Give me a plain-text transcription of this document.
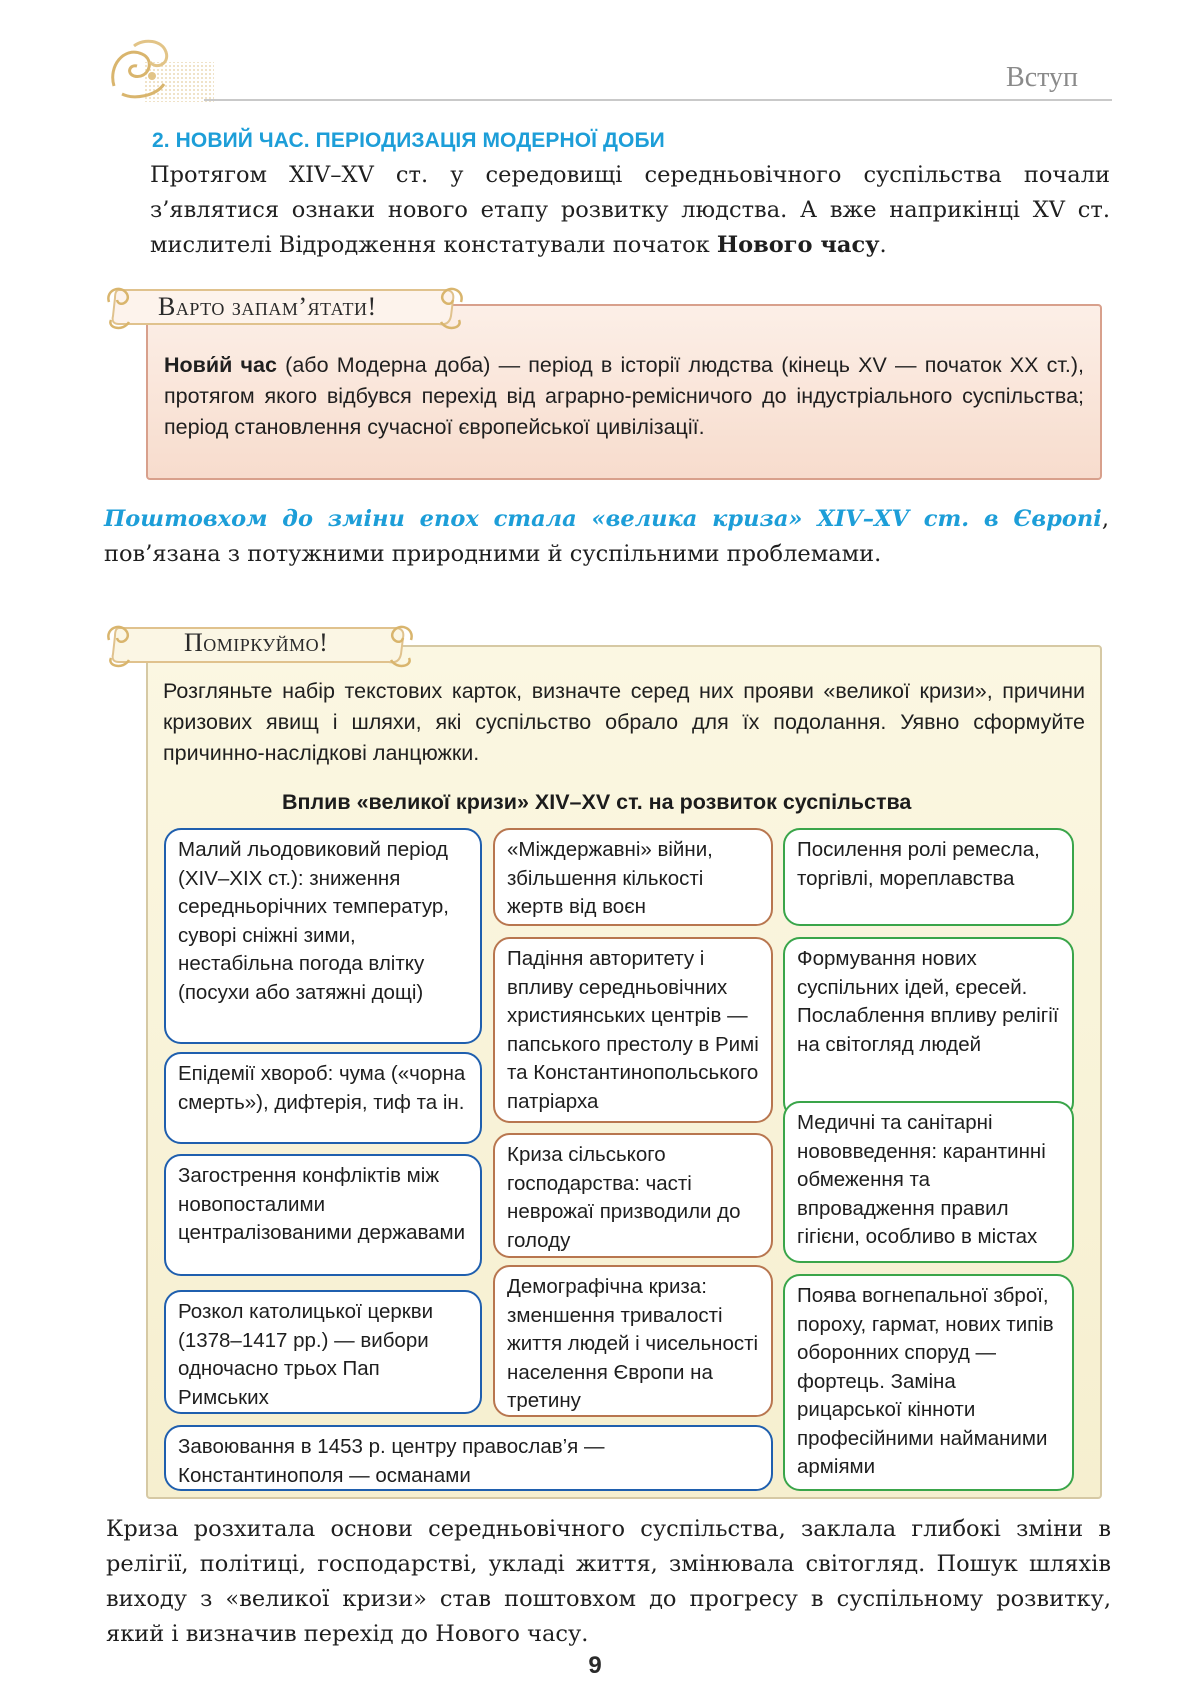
Вступ
2. НОВИЙ ЧАС. ПЕРІОДИЗАЦІЯ МОДЕРНОЇ ДОБИ
Протягом XIV–XV ст. у середовищі середньовічного суспільства почали з’являтися ознаки нового етапу розвитку людства. А вже наприкінці XV ст. мислителі Відродження констатували початок Нового часу.
Варто запам’ятати!
Нови́й час (або Модерна доба) — період в історії людства (кінець XV — початок XX ст.), протягом якого відбувся перехід від аграрно-ремісничого до індустріального суспільства; період становлення сучасної європейської цивілізації.
Поштовхом до зміни епох стала «велика криза» XIV–XV ст. в Європі, пов’язана з потужними природними й суспільними проблемами.
Поміркуймо!
Розгляньте набір текстових карток, визначте серед них прояви «великої кризи», причини кризових явищ і шляхи, які суспільство обрало для їх подолання. Уявно сформуйте причинно-наслідкові ланцюжки.
Вплив «великої кризи» XIV–XV ст. на розвиток суспільства
Малий льодовиковий період (XIV–XIX ст.): зниження середньорічних температур, суворі сніжні зими, нестабільна погода влітку (посухи або затяжні дощі)
Епідемії хвороб: чума («чорна смерть»), дифтерія, тиф та ін.
Загострення конфліктів між новопосталими централізованими державами
Розкол католицької церкви (1378–1417 рр.) — вибори одночасно трьох Пап Римських
Завоювання в 1453 р. центру православ’я — Константинополя — османами
«Міждержавні» війни, збільшення кількості жертв від воєн
Падіння авторитету і впливу середньовічних християнських центрів — папського престолу в Римі та Константинопольського патріарха
Криза сільського господарства: часті неврожаї призводили до голоду
Демографічна криза: зменшення тривалості життя людей і чисельності населення Європи на третину
Посилення ролі ремесла, торгівлі, мореплавства
Формування нових суспільних ідей, єресей. Послаблення впливу релігії на світогляд людей
Медичні та санітарні нововведення: карантинні обмеження та впровадження правил гігієни, особливо в містах
Поява вогнепальної зброї, пороху, гармат, нових типів оборонних споруд — фортець. Заміна рицарської кінноти професійними найманими арміями
Криза розхитала основи середньовічного суспільства, заклала глибокі зміни в релігії, політиці, господарстві, укладі життя, змінювала світогляд. Пошук шляхів виходу з «великої кризи» став поштовхом до прогресу в суспільному розвитку, який і визначив перехід до Нового часу.
9
